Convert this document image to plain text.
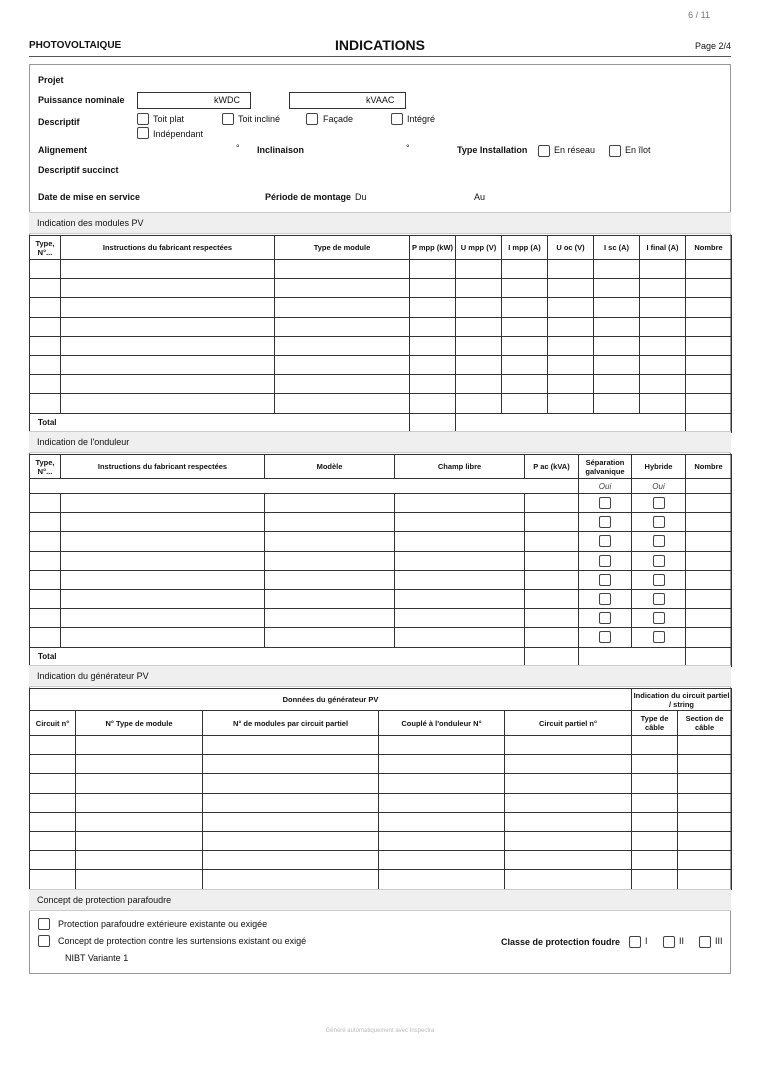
6 / 11
PHOTOVOLTAIQUE	INDICATIONS	Page 2/4
Projet
Puissance nominale	kWDC	kVAAC
Descriptif	Toit plat	Toit incliné	Façade	Intégré
Indépendant
Alignement	° Inclinaison	°	Type Installation	En réseau	En îlot
Descriptif succinct
Date de mise en service	Période de montage Du	Au
Indication des modules PV
Type, N°...	Instructions du fabricant respectées	Type de module	P mpp (kW)	U mpp (V)	I mpp (A)	U oc (V)	I sc (A)	I final (A)	Nombre

Total									
Indication de l'onduleur
Type, N°...	Instructions du fabricant respectées	Modèle	Champ libre	P ac (kVA)	Séparation galvanique	Hybride	Nombre
					Oui	Oui	

Total							
Indication du générateur PV
Données du générateur PV					Indication du circuit partiel / string	
Circuit n°	N° Type de module	N° de modules par circuit partiel	Couplé à l'onduleur N°	Circuit partiel n°	Type de câble	Section de câble

Concept de protection parafoudre
Protection parafoudre extérieure existante ou exigée
Concept de protection contre les surtensions existant ou exigé	Classe de protection foudre	I	II	III
NIBT Variante 1
Généré automatiquement avec Inspectra
